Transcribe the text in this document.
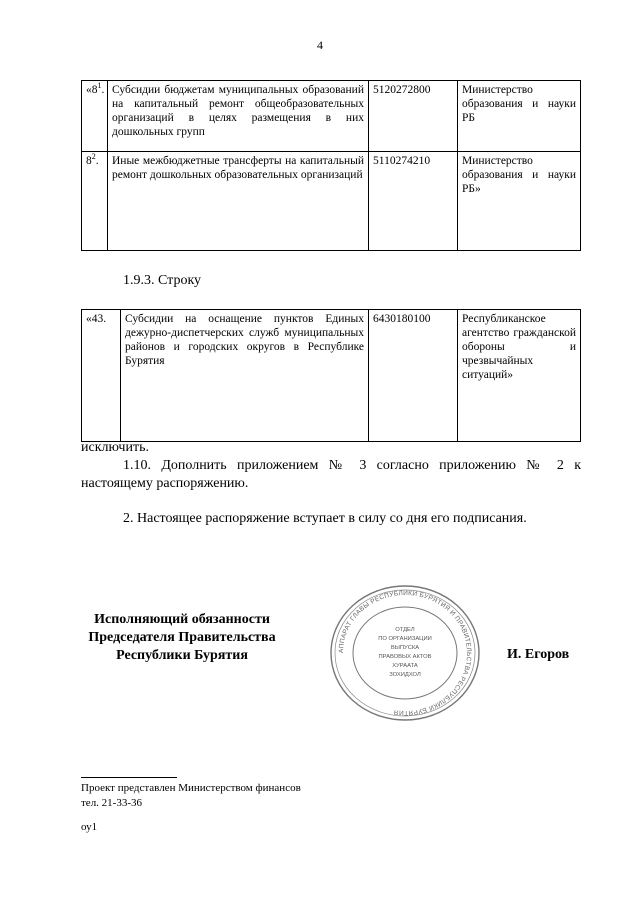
4
«$8^1$.	Субсидии бюджетам муниципальных образований на капитальный ремонт общеобразовательных организаций в целях размещения в них дошкольных групп	5120272800	Министерство образования и науки РБ
$8^2$.	Иные межбюджетные трансферты на капитальный ремонт дошкольных образовательных организаций	5110274210	Министерство образования и науки РБ»
1.9.3. Строку
«43.	Субсидии на оснащение пунктов Единых дежурно-диспетчерских служб муниципальных районов и городских округов в Республике Бурятия	6430180100	Республиканское агентство гражданской обороны и чрезвычайных ситуаций»
исключить.
1.10. Дополнить приложением № 3 согласно приложению № 2 к настоящему распоряжению.
2. Настоящее распоряжение вступает в силу со дня его подписания.
Исполняющий обязанности
Председателя Правительства
Республики Бурятия	И. Егоров
АППАРАТ ГЛАВЫ РЕСПУБЛИКИ БУРЯТИЯ И ПРАВИТЕЛЬСТВА РЕСПУБЛИКИ БУРЯТИЯ
ОТДЕЛ
ПО ОРГАНИЗАЦИИ
ВЫПУСКА
ПРАВОВЫХ АКТОВ
ХУРААТА
ЗОХИДХОЛ
Проект представлен Министерством финансов
тел. 21-33-36
оу1
